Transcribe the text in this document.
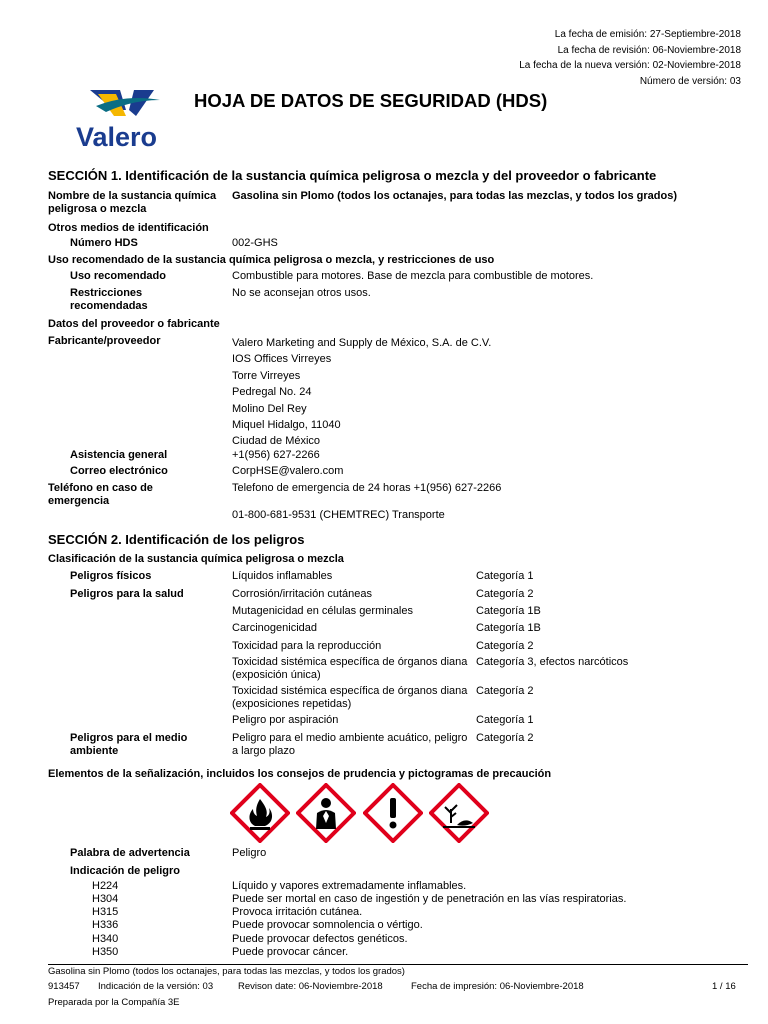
La fecha de emisión: 27-Septiembre-2018
La fecha de revisión: 06-Noviembre-2018
La fecha de la nueva versión: 02-Noviembre-2018
Número de versión: 03
Valero
HOJA DE DATOS DE SEGURIDAD (HDS)
SECCIÓN 1. Identificación de la sustancia química peligrosa o mezcla y del proveedor o fabricante
Nombre de la sustancia química peligrosa o mezcla
Gasolina sin Plomo (todos los octanajes, para todas las mezclas, y todos los grados)
Otros medios de identificación
Número HDS	002-GHS
Uso recomendado de la sustancia química peligrosa o mezcla, y restricciones de uso
Uso recomendado	Combustible para motores. Base de mezcla para combustible de motores.
Restricciones recomendadas
No se aconsejan otros usos.
Datos del proveedor o fabricante
Fabricante/proveedor	Valero Marketing and Supply de México, S.A. de C.V.
IOS Offices Virreyes
Torre Virreyes
Pedregal No. 24
Molino Del Rey
Miquel Hidalgo, 11040
Ciudad de México
Asistencia general	+1(956) 627-2266
Correo electrónico	CorpHSE@valero.com
Teléfono en caso de emergencia
Telefono de emergencia de 24 horas +1(956) 627-2266
01-800-681-9531 (CHEMTREC) Transporte
SECCIÓN 2. Identificación de los peligros
Clasificación de la sustancia química peligrosa o mezcla
Peligros físicos	Líquidos inflamables	Categoría 1
Peligros para la salud	Corrosión/irritación cutáneas	Categoría 2
Mutagenicidad en células germinales	Categoría 1B
Carcinogenicidad	Categoría 1B
Toxicidad para la reproducción	Categoría 2
Toxicidad sistémica específica de órganos diana (exposición única)
Categoría 3, efectos narcóticos
Toxicidad sistémica específica de órganos diana (exposiciones repetidas)
Categoría 2
Peligro por aspiración	Categoría 1
Peligros para el medio ambiente
Peligro para el medio ambiente acuático, peligro a largo plazo
Categoría 2
Elementos de la señalización, incluidos los consejos de prudencia y pictogramas de precaución

Palabra de advertencia	Peligro
Indicación de peligro
H224	Líquido y vapores extremadamente inflamables.
H304	Puede ser mortal en caso de ingestión y de penetración en las vías respiratorias.
H315	Provoca irritación cutánea.
H336	Puede provocar somnolencia o vértigo.
H340	Puede provocar defectos genéticos.
H350	Puede provocar cáncer.
Gasolina sin Plomo (todos los octanajes, para todas las mezclas, y todos los grados)
913457 Indicación de la versión: 03	Revison date: 06-Noviembre-2018	Fecha de impresión: 06-Noviembre-2018	1 / 16
Preparada por la Compañía 3E
